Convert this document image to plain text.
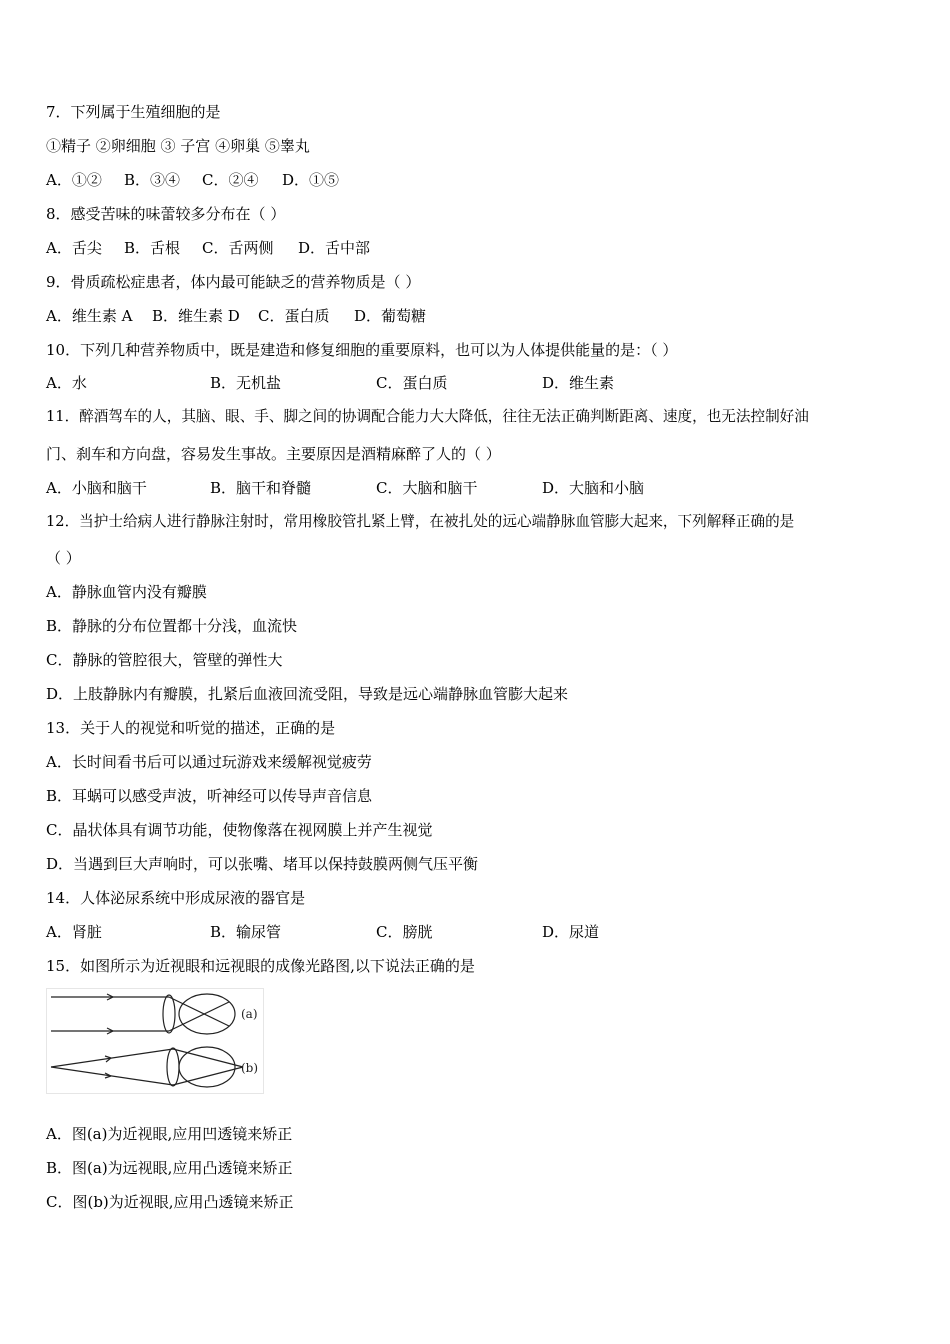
7．下列属于生殖细胞的是
①精子 ②卵细胞 ③ 子宫 ④卵巢 ⑤睾丸
A．①② B．③④ C．②④ D．①⑤
8．感受苦味的味蕾较多分布在（ ）
A．舌尖 B．舌根 C．舌两侧 D．舌中部
9．骨质疏松症患者，体内最可能缺乏的营养物质是（ ）
A．维生素 A B．维生素 D C．蛋白质 D．葡萄糖
10．下列几种营养物质中，既是建造和修复细胞的重要原料，也可以为人体提供能量的是：（ ）
A．水	B．无机盐	C．蛋白质	D．维生素
11．醉酒驾车的人，其脑、眼、手、脚之间的协调配合能力大大降低，往往无法正确判断距离、速度，也无法控制好油
门、刹车和方向盘，容易发生事故。主要原因是酒精麻醉了人的（ ）
A．小脑和脑干	B．脑干和脊髓	C．大脑和脑干	D．大脑和小脑
12．当护士给病人进行静脉注射时，常用橡胶管扎紧上臂，在被扎处的远心端静脉血管膨大起来，下列解释正确的是
（ ）
A．静脉血管内没有瓣膜
B．静脉的分布位置都十分浅，血流快
C．静脉的管腔很大，管壁的弹性大
D．上肢静脉内有瓣膜，扎紧后血液回流受阻，导致是远心端静脉血管膨大起来
13．关于人的视觉和听觉的描述，正确的是
A．长时间看书后可以通过玩游戏来缓解视觉疲劳
B．耳蜗可以感受声波，听神经可以传导声音信息
C．晶状体具有调节功能，使物像落在视网膜上并产生视觉
D．当遇到巨大声响时，可以张嘴、堵耳以保持鼓膜两侧气压平衡
14．人体泌尿系统中形成尿液的器官是
A．肾脏	B．输尿管	C．膀胱	D．尿道
15．如图所示为近视眼和远视眼的成像光路图,以下说法正确的是
(a)
(b)
A．图(a)为近视眼,应用凹透镜来矫正
B．图(a)为远视眼,应用凸透镜来矫正
C．图(b)为近视眼,应用凸透镜来矫正
